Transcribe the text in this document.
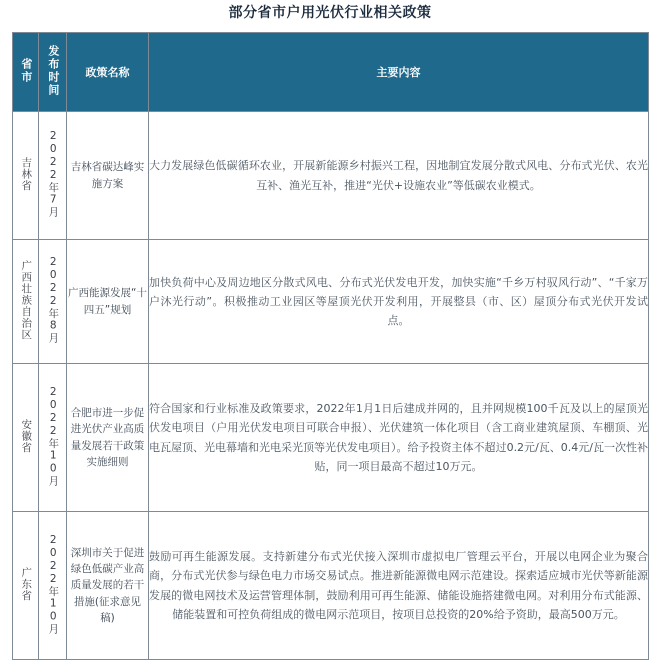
部分省市户用光伏行业相关政策
省市	发布时间	政策名称	主要内容
吉林省	2022年7月	吉林省碳达峰实施方案	大力发展绿色低碳循环农业，开展新能源乡村振兴工程，因地制宜发展分散式风电、分布式光伏、农光互补、渔光互补，推进“光伏+设施农业”等低碳农业模式。

广西壮族自治区	2022年8月	广西能源发展“十四五”规划	加快负荷中心及周边地区分散式风电、分布式光伏发电开发，加快实施“千乡万村驭风行动”、“千家万户沐光行动”。积极推动工业园区等屋顶光伏开发利用，开展整县（市、区）屋顶分布式光伏开发试点。

安徽省	2022年10月	合肥市进一步促进光伏产业高质量发展若干政策实施细则	符合国家和行业标准及政策要求，2022年1月1日后建成并网的，且并网规模100千瓦及以上的屋顶光伏发电项目（户用光伏发电项目可联合申报）、光伏建筑一体化项目（含工商业建筑屋顶、车棚顶、光电瓦屋顶、光电幕墙和光电采光顶等光伏发电项目）。给予投资主体不超过0.2元/瓦、0.4元/瓦一次性补贴，同一项目最高不超过10万元。

广东省	2022年10月	深圳市关于促进绿色低碳产业高质量发展的若干措施(征求意见稿)	鼓励可再生能源发展。支持新建分布式光伏接入深圳市虚拟电厂管理云平台，开展以电网企业为聚合商，分布式光伏参与绿色电力市场交易试点。推进新能源微电网示范建设。探索适应城市光伏等新能源发展的微电网技术及运营管理体制，鼓励利用可再生能源、储能设施搭建微电网。对利用分布式能源、储能装置和可控负荷组成的微电网示范项目，按项目总投资的20%给予资助，最高500万元。
